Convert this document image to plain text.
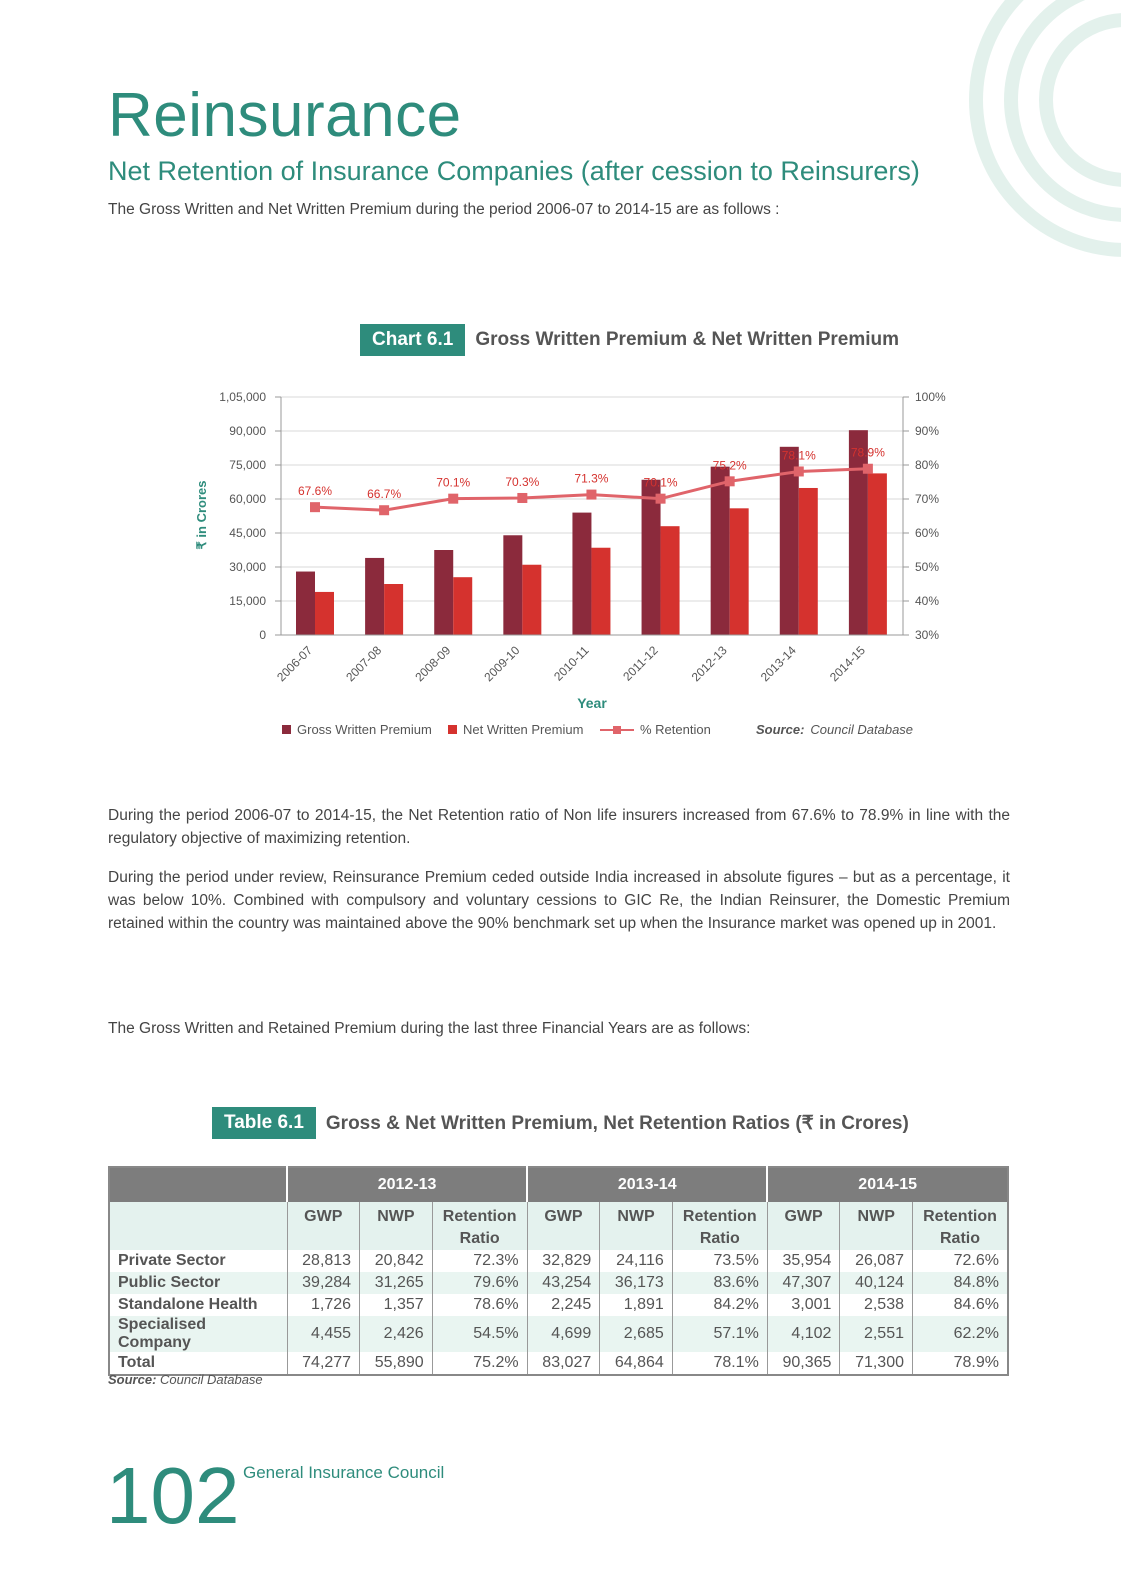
Reinsurance
Net Retention of Insurance Companies (after cession to Reinsurers)
The Gross Written and Net Written Premium during the period 2006-07 to 2014-15 are as follows :
Chart 6.1	Gross Written Premium & Net Written Premium
67.6%	66.7%
70.1%	70.3%	71.3%	70.1%
75.2%
78.1%	78.9%
0	30%
15,000	40%
30,000	50%
45,000	60%
60,000	70%
75,000	80%
90,000	90%
1,05,000	100%
2006-07 2007-08 2008-09 2009-10 2010-11 2011-12 2012-13 2013-14 2014-15
₹ in Crores
Year
Gross Written Premium Net Written Premium	% Retention	Source: Council Database

During the period 2006-07 to 2014-15, the Net Retention ratio of Non life insurers increased from 67.6% to 78.9% in line with the regulatory objective of maximizing retention.

During the period under review, Reinsurance Premium ceded outside India increased in absolute figures – but as a percentage, it was below 10%. Combined with compulsory and voluntary cessions to GIC Re, the Indian Reinsurer, the Domestic Premium retained within the country was maintained above the 90% benchmark set up when the Insurance market was opened up in 2001.

The Gross Written and Retained Premium during the last three Financial Years are as follows:
Table 6.1	Gross & Net Written Premium, Net Retention Ratios (₹ in Crores)
	2012-13			2013-14			2014-15		
	GWP	NWP	Retention Ratio	GWP	NWP	Retention Ratio	GWP	NWP	Retention Ratio
Private Sector	28,813	20,842	72.3%	32,829	24,116	73.5%	35,954	26,087	72.6%
Public Sector	39,284	31,265	79.6%	43,254	36,173	83.6%	47,307	40,124	84.8%
Standalone Health	1,726	1,357	78.6%	2,245	1,891	84.2%	3,001	2,538	84.6%
Specialised Company	4,455	2,426	54.5%	4,699	2,685	57.1%	4,102	2,551	62.2%
Total	74,277	55,890	75.2%	83,027	64,864	78.1%	90,365	71,300	78.9%
Source: Council Database
102 General Insurance Council
